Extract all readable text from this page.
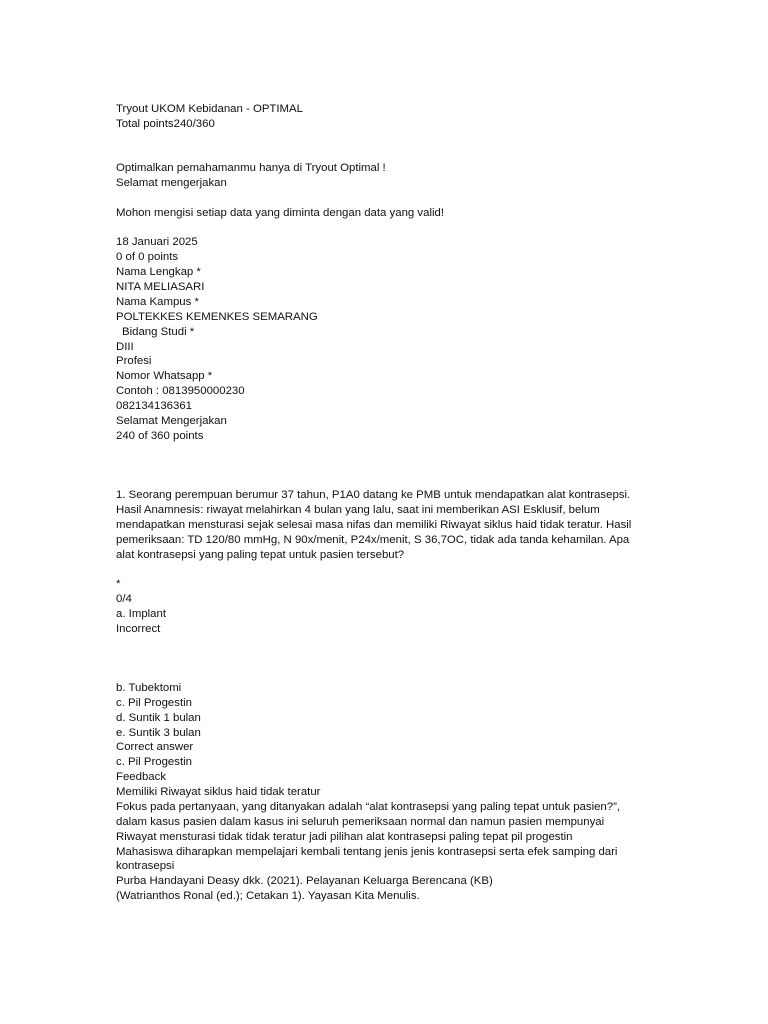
Tryout UKOM Kebidanan - OPTIMAL
Total points240/360
Optimalkan pemahamanmu hanya di Tryout Optimal !
Selamat mengerjakan
Mohon mengisi setiap data yang diminta dengan data yang valid!
18 Januari 2025
0 of 0 points
Nama Lengkap *
NITA MELIASARI
Nama Kampus *
POLTEKKES KEMENKES SEMARANG
Bidang Studi *
DIII
Profesi
Nomor Whatsapp *
Contoh : 0813950000230
082134136361
Selamat Mengerjakan
240 of 360 points
1. Seorang perempuan berumur 37 tahun, P1A0 datang ke PMB untuk mendapatkan alat kontrasepsi.
Hasil Anamnesis: riwayat melahirkan 4 bulan yang lalu, saat ini memberikan ASI Esklusif, belum
mendapatkan mensturasi sejak selesai masa nifas dan memiliki Riwayat siklus haid tidak teratur. Hasil
pemeriksaan: TD 120/80 mmHg, N 90x/menit, P24x/menit, S 36,7OC, tidak ada tanda kehamilan. Apa
alat kontrasepsi yang paling tepat untuk pasien tersebut?
*
0/4
a. Implant
Incorrect
b. Tubektomi
c. Pil Progestin
d. Suntik 1 bulan
e. Suntik 3 bulan
Correct answer
c. Pil Progestin
Feedback
Memiliki Riwayat siklus haid tidak teratur
Fokus pada pertanyaan, yang ditanyakan adalah “alat kontrasepsi yang paling tepat untuk pasien?”,
dalam kasus pasien dalam kasus ini seluruh pemeriksaan normal dan namun pasien mempunyai
Riwayat mensturasi tidak tidak teratur jadi pilihan alat kontrasepsi paling tepat pil progestin
Mahasiswa diharapkan mempelajari kembali tentang jenis jenis kontrasepsi serta efek samping dari
kontrasepsi
Purba Handayani Deasy dkk. (2021). Pelayanan Keluarga Berencana (KB)
(Watrianthos Ronal (ed.); Cetakan 1). Yayasan Kita Menulis.
